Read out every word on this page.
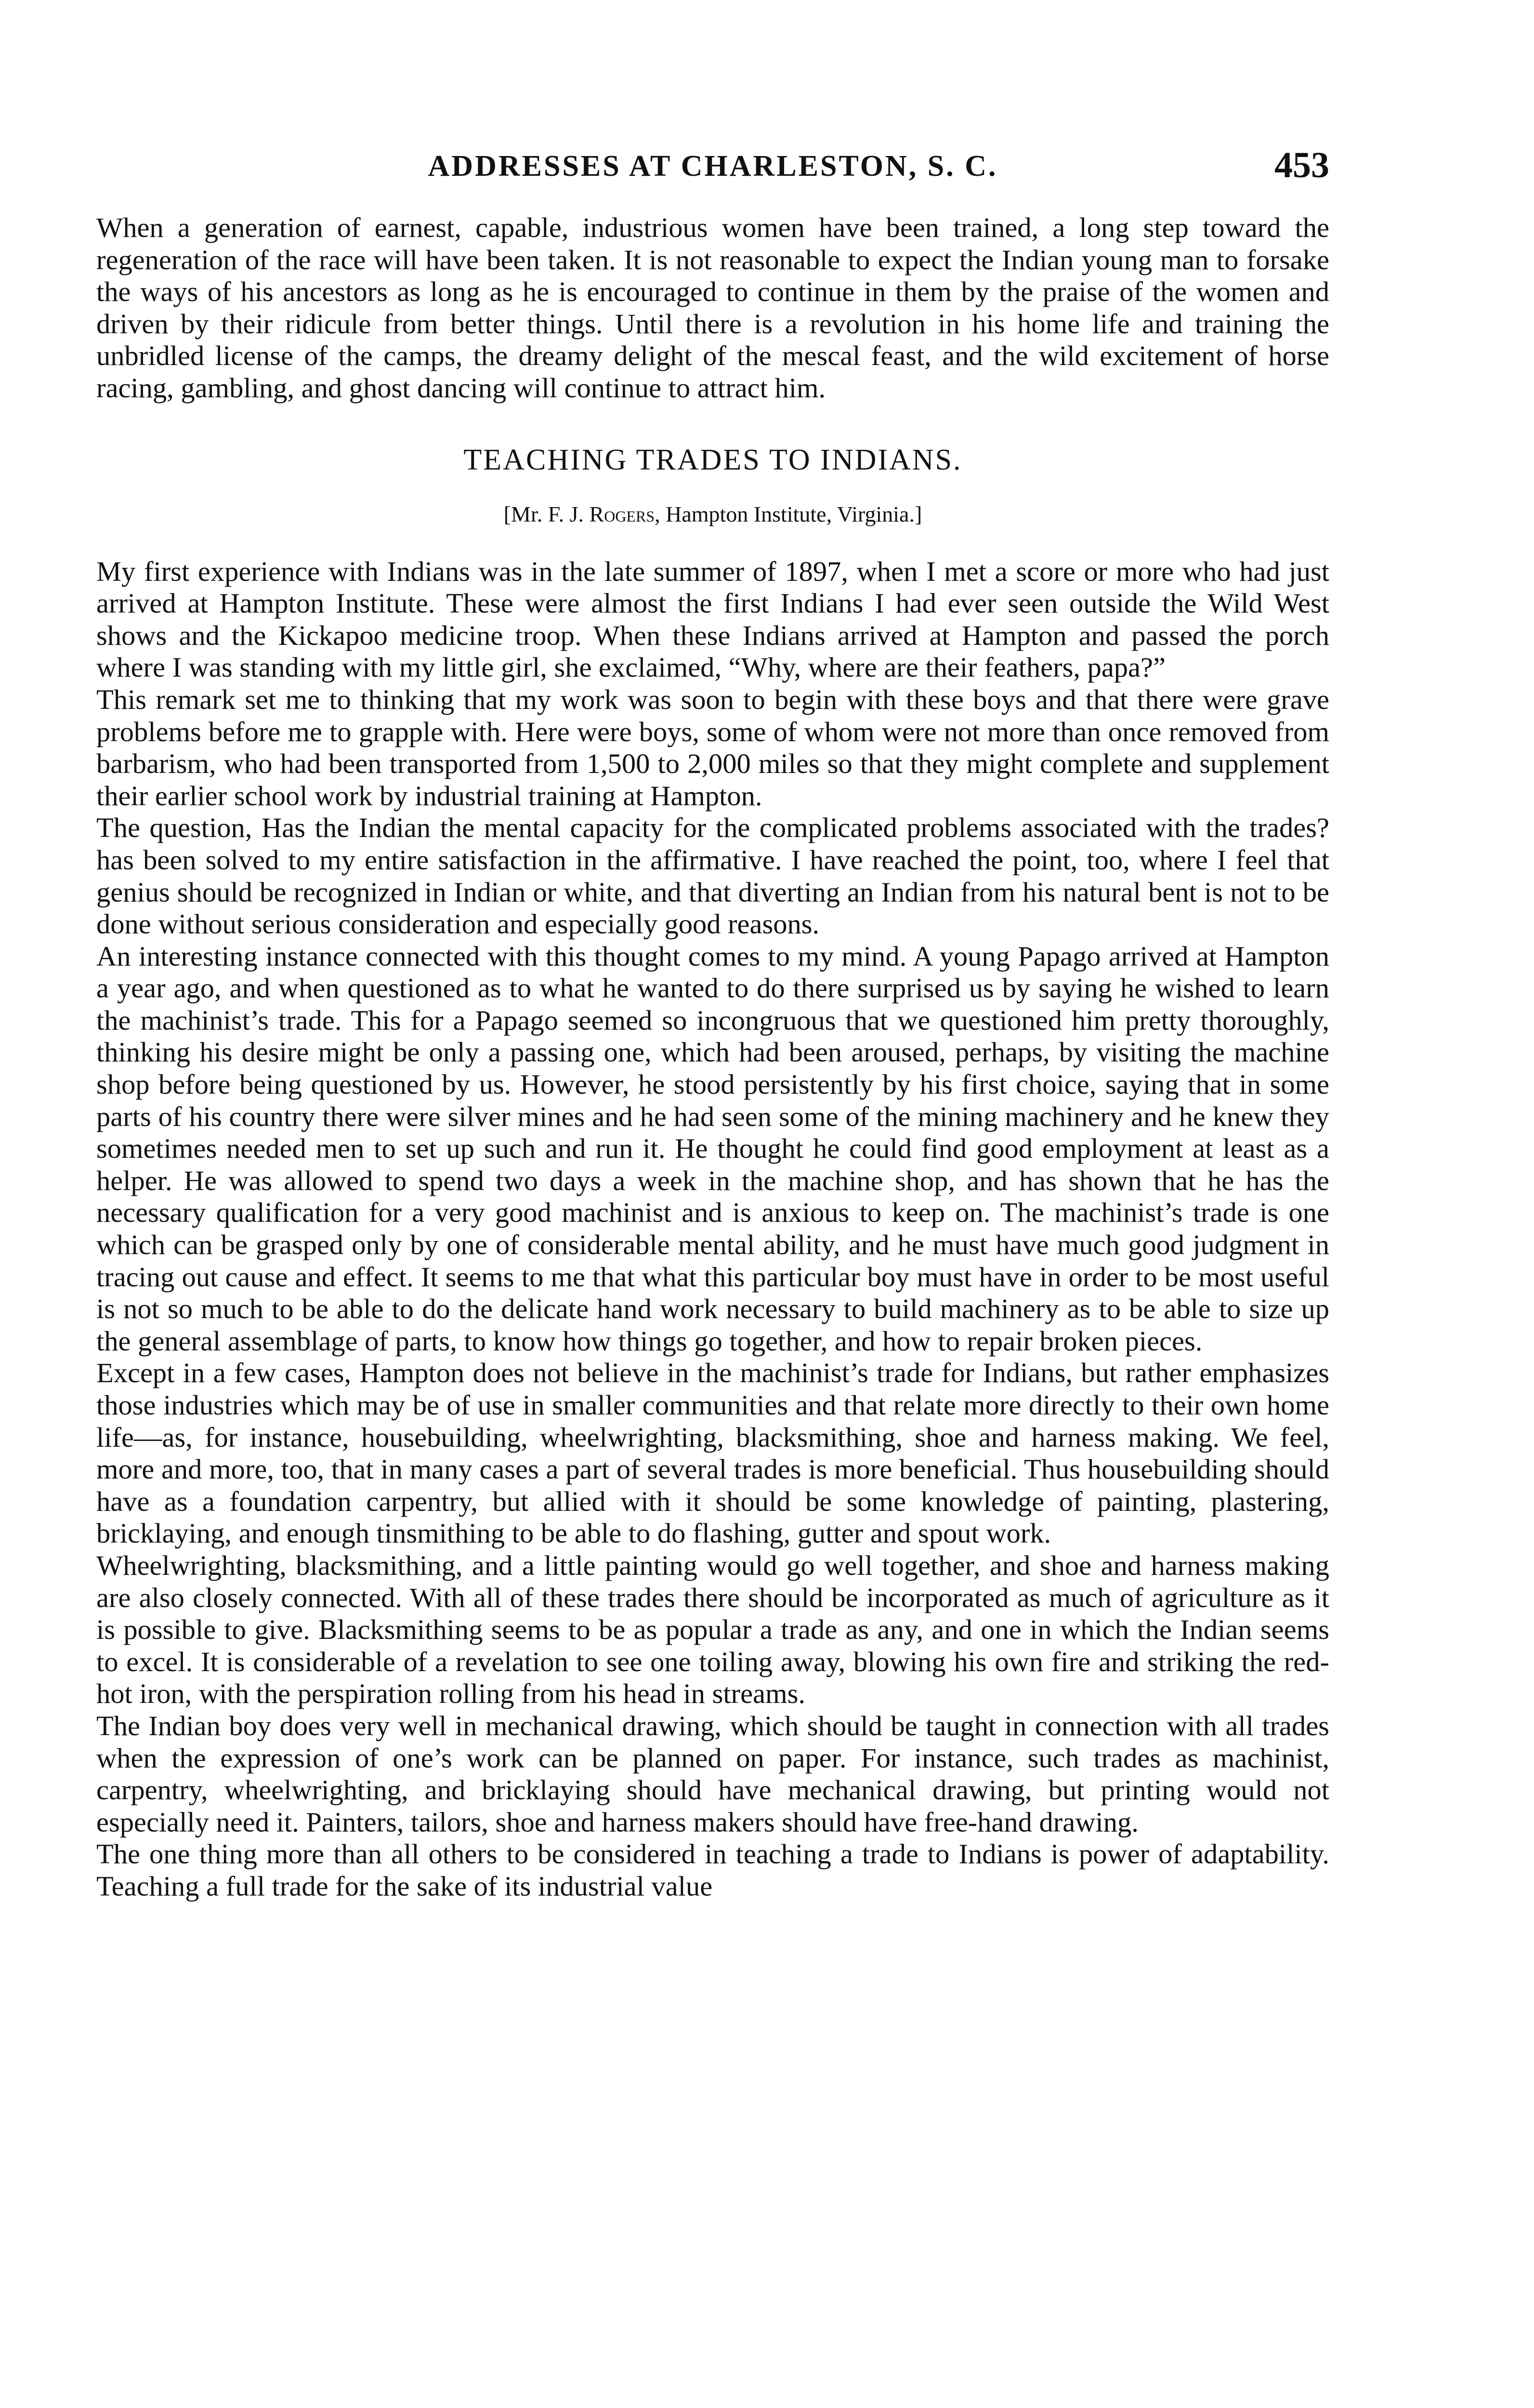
ADDRESSES AT CHARLESTON, S. C.	453

When a generation of earnest, capable, industrious women have been trained, a long step toward the regeneration of the race will have been taken. It is not reasonable to expect the Indian young man to forsake the ways of his ancestors as long as he is encouraged to continue in them by the praise of the women and driven by their ridicule from better things. Until there is a revolution in his home life and training the unbridled license of the camps, the dreamy delight of the mescal feast, and the wild excitement of horse racing, gambling, and ghost dancing will continue to attract him.

TEACHING TRADES TO INDIANS.
[Mr. F. J. Rogers, Hampton Institute, Virginia.]

My first experience with Indians was in the late summer of 1897, when I met a score or more who had just arrived at Hampton Institute. These were almost the first Indians I had ever seen outside the Wild West shows and the Kickapoo medicine troop. When these Indians arrived at Hampton and passed the porch where I was standing with my little girl, she exclaimed, “Why, where are their feathers, papa?”

This remark set me to thinking that my work was soon to begin with these boys and that there were grave problems before me to grapple with. Here were boys, some of whom were not more than once removed from barbarism, who had been transported from 1,500 to 2,000 miles so that they might complete and supplement their earlier school work by industrial training at Hampton.

The question, Has the Indian the mental capacity for the complicated problems associated with the trades? has been solved to my entire satisfaction in the affirmative. I have reached the point, too, where I feel that genius should be recognized in Indian or white, and that diverting an Indian from his natural bent is not to be done without serious consideration and especially good reasons.

An interesting instance connected with this thought comes to my mind. A young Papago arrived at Hampton a year ago, and when questioned as to what he wanted to do there surprised us by saying he wished to learn the machinist’s trade. This for a Papago seemed so incongruous that we questioned him pretty thoroughly, thinking his desire might be only a passing one, which had been aroused, perhaps, by visiting the machine shop before being questioned by us. However, he stood persistently by his first choice, saying that in some parts of his country there were silver mines and he had seen some of the mining machinery and he knew they sometimes needed men to set up such and run it. He thought he could find good employment at least as a helper. He was allowed to spend two days a week in the machine shop, and has shown that he has the necessary qualification for a very good machinist and is anxious to keep on. The machinist’s trade is one which can be grasped only by one of considerable mental ability, and he must have much good judgment in tracing out cause and effect. It seems to me that what this particular boy must have in order to be most useful is not so much to be able to do the delicate hand work necessary to build machinery as to be able to size up the general assemblage of parts, to know how things go together, and how to repair broken pieces.

Except in a few cases, Hampton does not believe in the machinist’s trade for Indians, but rather emphasizes those industries which may be of use in smaller communities and that relate more directly to their own home life—as, for instance, housebuilding, wheelwrighting, blacksmithing, shoe and harness making. We feel, more and more, too, that in many cases a part of several trades is more beneficial. Thus housebuilding should have as a foundation carpentry, but allied with it should be some knowledge of painting, plastering, bricklaying, and enough tinsmithing to be able to do flashing, gutter and spout work.

Wheelwrighting, blacksmithing, and a little painting would go well together, and shoe and harness making are also closely connected. With all of these trades there should be incorporated as much of agriculture as it is possible to give. Blacksmithing seems to be as popular a trade as any, and one in which the Indian seems to excel. It is considerable of a revelation to see one toiling away, blowing his own fire and striking the red-hot iron, with the perspiration rolling from his head in streams.

The Indian boy does very well in mechanical drawing, which should be taught in connection with all trades when the expression of one’s work can be planned on paper. For instance, such trades as machinist, carpentry, wheelwrighting, and bricklaying should have mechanical drawing, but printing would not especially need it. Painters, tailors, shoe and harness makers should have free-hand drawing.

The one thing more than all others to be considered in teaching a trade to Indians is power of adaptability. Teaching a full trade for the sake of its industrial value
